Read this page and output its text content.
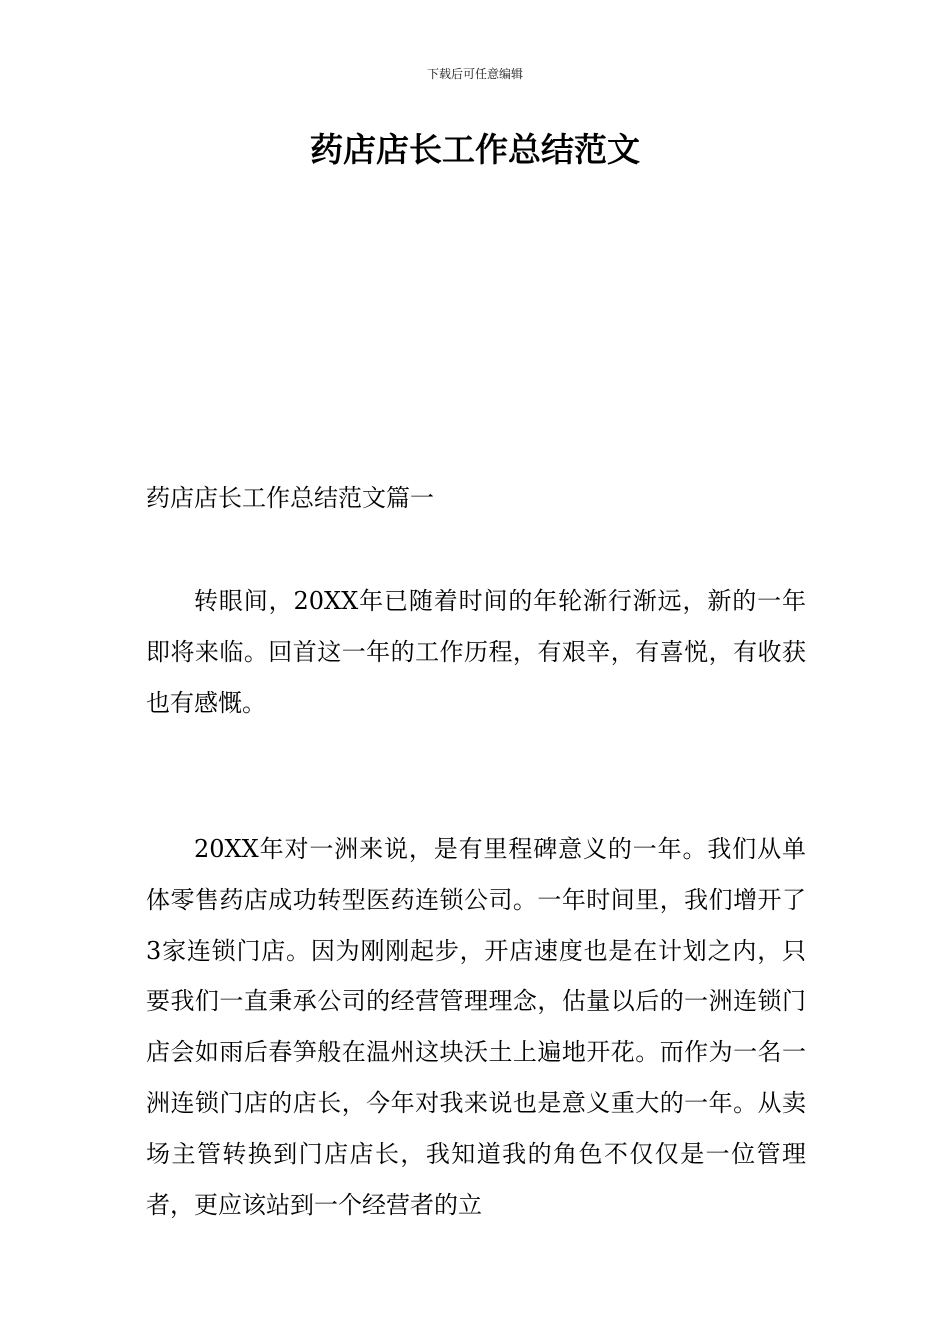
下载后可任意编辑
药店店长工作总结范文
药店店长工作总结范文篇一

转眼间，20XX年已随着时间的年轮渐行渐远，新的一年即将来临。回首这一年的工作历程，有艰辛，有喜悦，有收获也有感慨。

20XX年对一洲来说，是有里程碑意义的一年。我们从单体零售药店成功转型医药连锁公司。一年时间里，我们增开了3家连锁门店。因为刚刚起步，开店速度也是在计划之内，只要我们一直秉承公司的经营管理理念，估量以后的一洲连锁门店会如雨后春笋般在温州这块沃土上遍地开花。而作为一名一洲连锁门店的店长，今年对我来说也是意义重大的一年。从卖场主管转换到门店店长，我知道我的角色不仅仅是一位管理者，更应该站到一个经营者的立
